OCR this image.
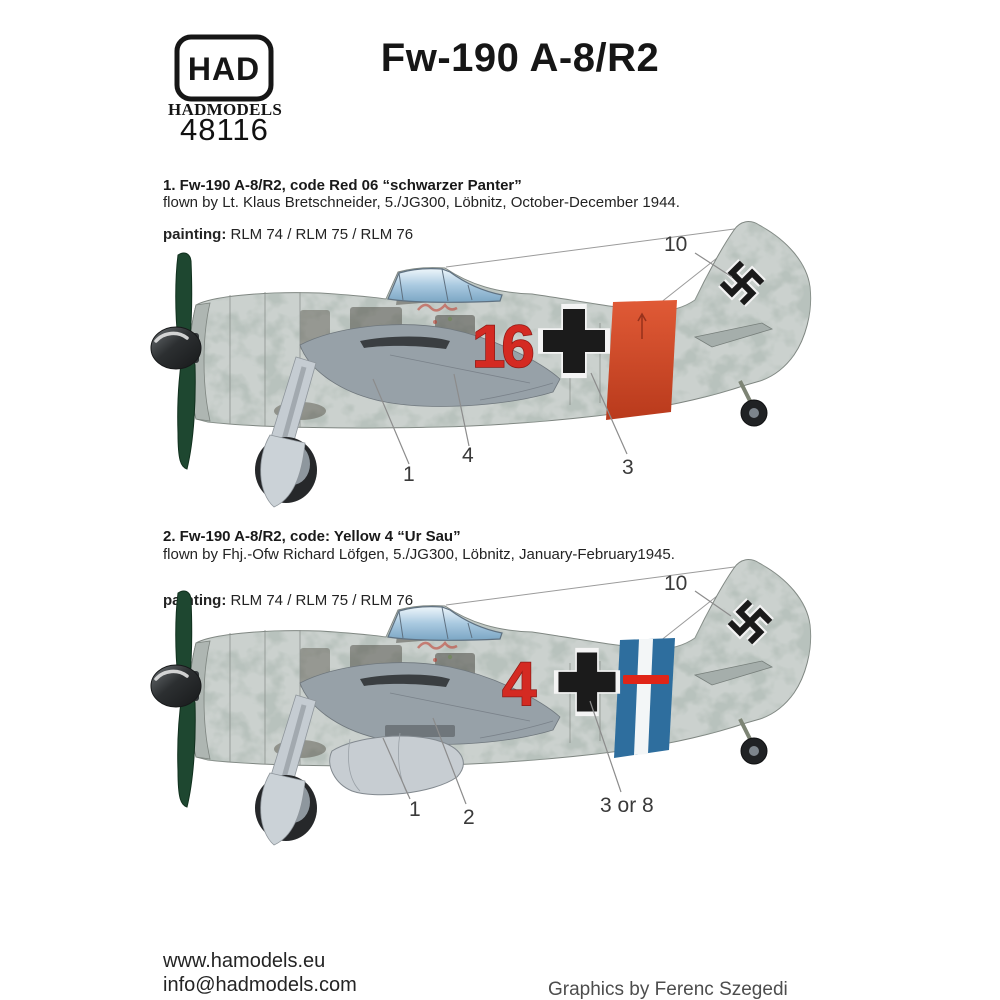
HAD
HADMODELS
48116
Fw-190 A-8/R2
1. Fw-190 A-8/R2, code Red 06 “schwarzer Panter”
flown by Lt. Klaus Bretschneider, 5./JG300, Löbnitz, October-December 1944.
painting: RLM 74 / RLM 75 / RLM 76
16
10
1
4
3
2. Fw-190 A-8/R2, code: Yellow 4 “Ur Sau”
flown by Fhj.-Ofw Richard Löfgen, 5./JG300, Löbnitz, January-February1945.
painting: RLM 74 / RLM 75 / RLM 76
4
10
1 2
3 or 8
www.hamodels.eu
info@hadmodels.com	Graphics by Ferenc Szegedi
